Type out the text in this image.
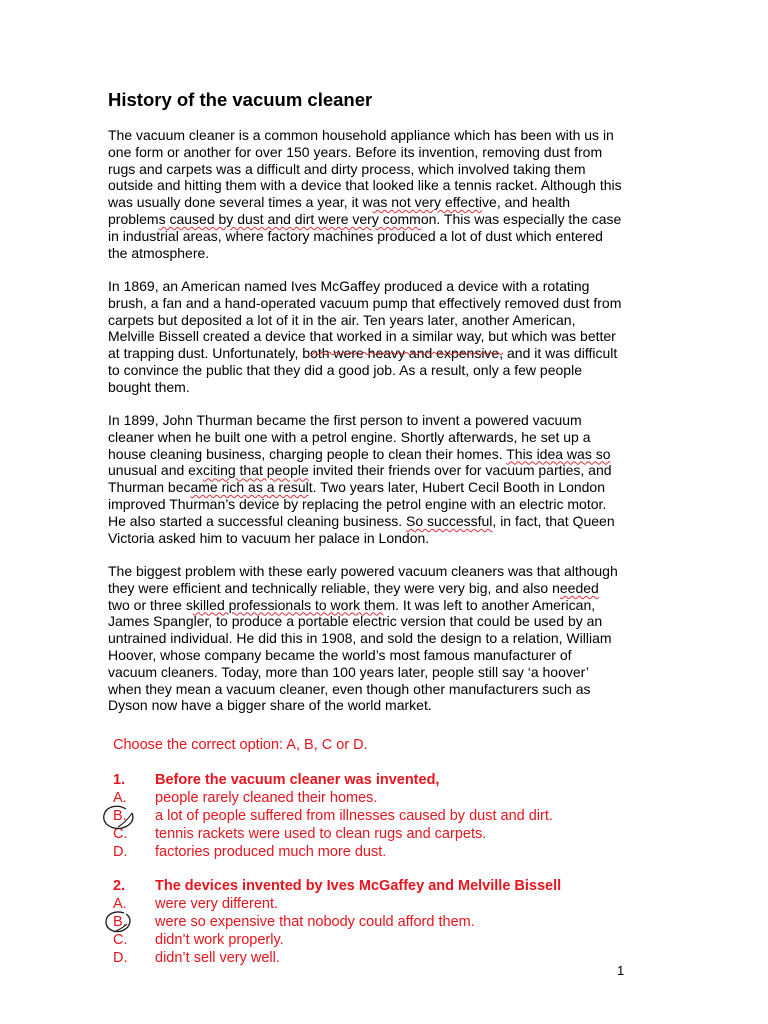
History of the vacuum cleaner
The vacuum cleaner is a common household appliance which has been with us in
one form or another for over 150 years. Before its invention, removing dust from
rugs and carpets was a difficult and dirty process, which involved taking them
outside and hitting them with a device that looked like a tennis racket. Although this
was usually done several times a year, it was not very effective, and health
problems caused by dust and dirt were very common. This was especially the case
in industrial areas, where factory machines produced a lot of dust which entered
the atmosphere.
In 1869, an American named Ives McGaffey produced a device with a rotating
brush, a fan and a hand-operated vacuum pump that effectively removed dust from
carpets but deposited a lot of it in the air. Ten years later, another American,
Melville Bissell created a device that worked in a similar way, but which was better
at trapping dust. Unfortunately, both were heavy and expensive, and it was difficult
to convince the public that they did a good job. As a result, only a few people
bought them.
In 1899, John Thurman became the first person to invent a powered vacuum
cleaner when he built one with a petrol engine. Shortly afterwards, he set up a
house cleaning business, charging people to clean their homes. This idea was so
unusual and exciting that people invited their friends over for vacuum parties, and
Thurman became rich as a result. Two years later, Hubert Cecil Booth in London
improved Thurman’s device by replacing the petrol engine with an electric motor.
He also started a successful cleaning business. So successful, in fact, that Queen
Victoria asked him to vacuum her palace in London.
The biggest problem with these early powered vacuum cleaners was that although
they were efficient and technically reliable, they were very big, and also needed
two or three skilled professionals to work them. It was left to another American,
James Spangler, to produce a portable electric version that could be used by an
untrained individual. He did this in 1908, and sold the design to a relation, William
Hoover, whose company became the world’s most famous manufacturer of
vacuum cleaners. Today, more than 100 years later, people still say ‘a hoover’
when they mean a vacuum cleaner, even though other manufacturers such as
Dyson now have a bigger share of the world market.
Choose the correct option: A, B, C or D.
1. Before the vacuum cleaner was invented,
A. people rarely cleaned their homes.
B. a lot of people suffered from illnesses caused by dust and dirt.
C. tennis rackets were used to clean rugs and carpets.
D. factories produced much more dust.
2. The devices invented by Ives McGaffey and Melville Bissell
A. were very different.
B. were so expensive that nobody could afford them.
C. didn’t work properly.
D. didn’t sell very well.
1
